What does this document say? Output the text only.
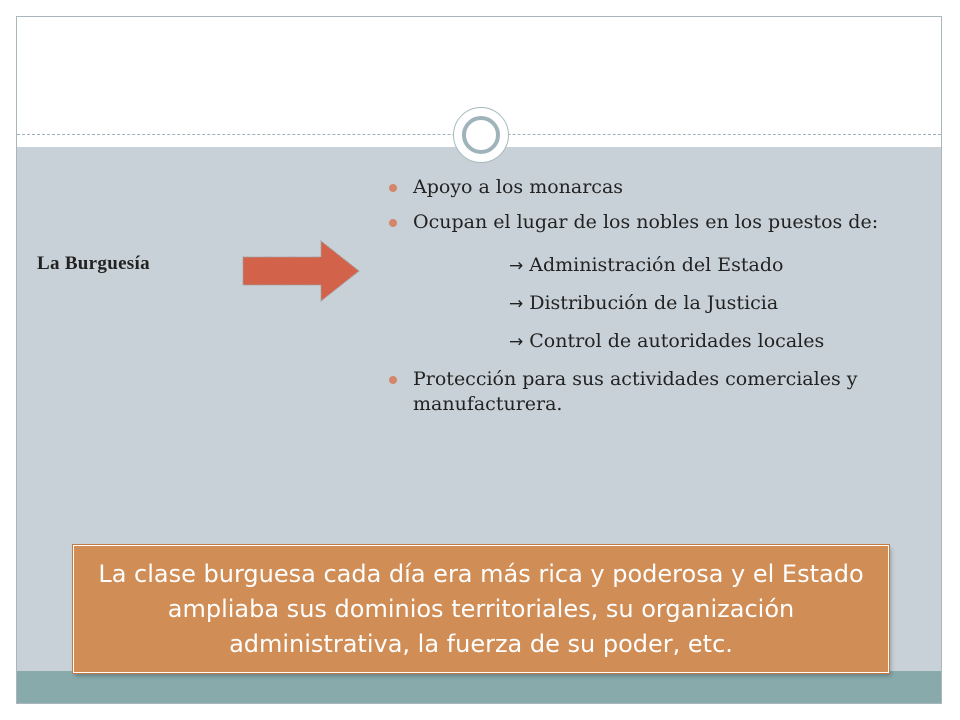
La Burguesía
Apoyo a los monarcas
Ocupan el lugar de los nobles en los puestos de:
→ Administración del Estado
→ Distribución de la Justicia
→ Control de autoridades locales
Protección para sus actividades comerciales y manufacturera.
La clase burguesa cada día era más rica y poderosa y el Estado ampliaba sus dominios territoriales, su organización administrativa, la fuerza de su poder, etc.
